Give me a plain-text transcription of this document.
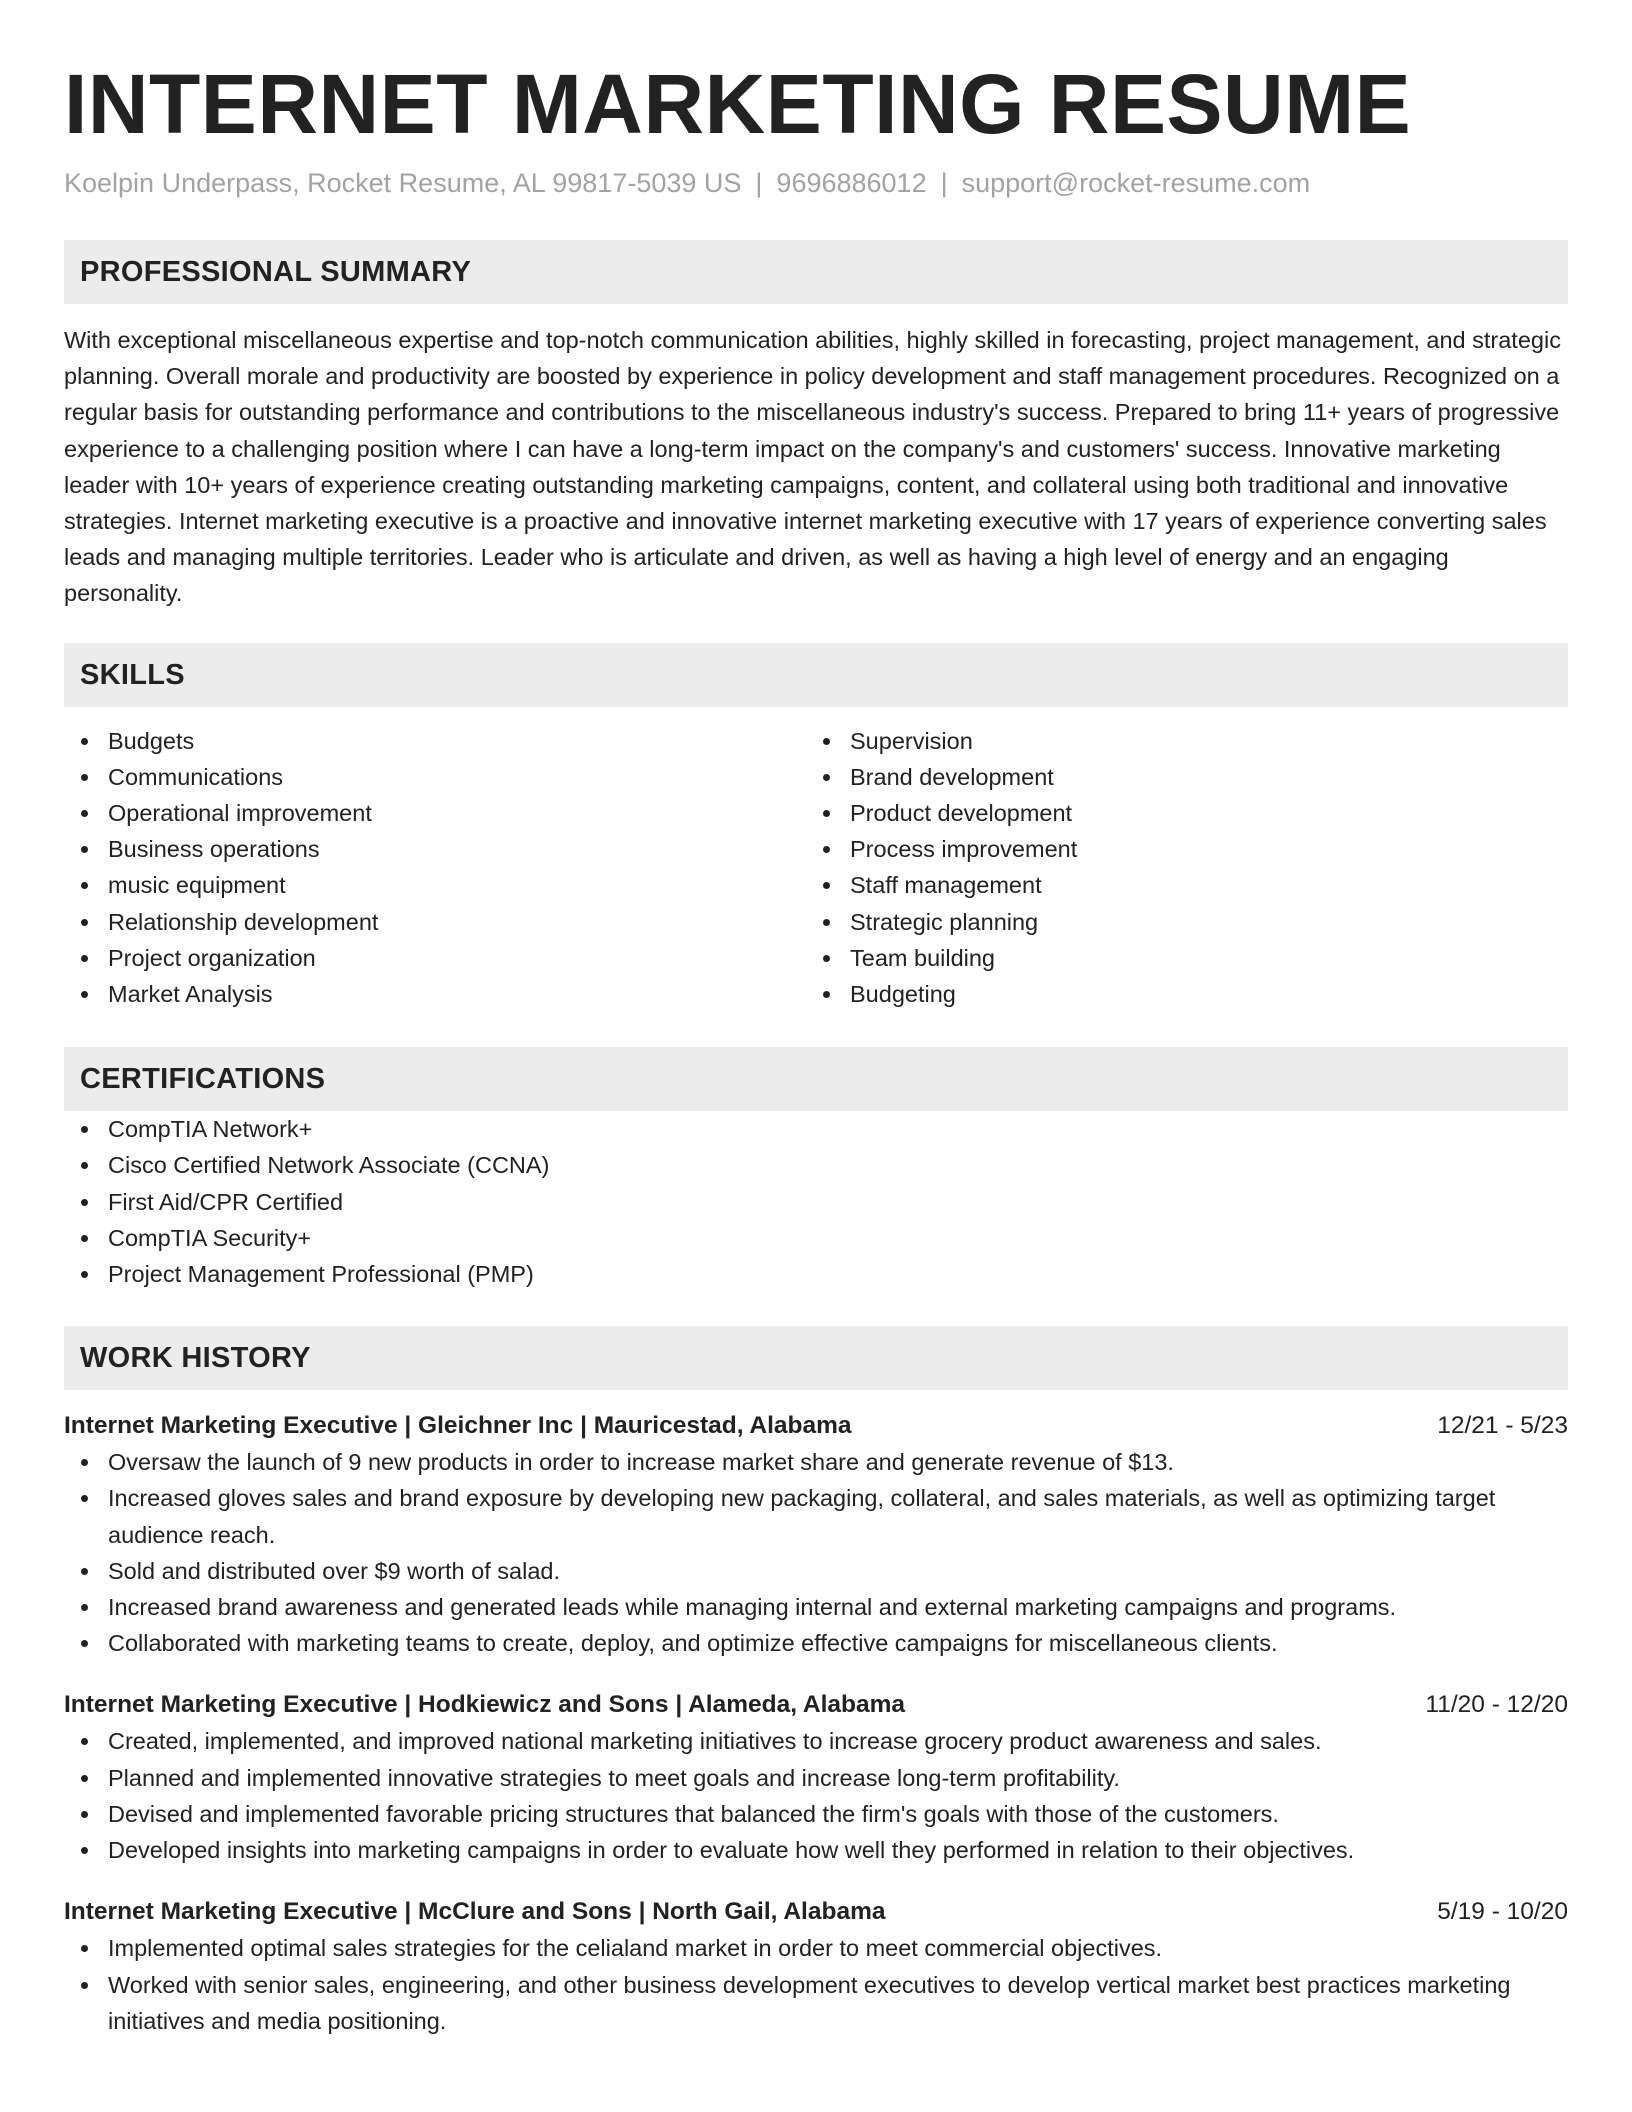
INTERNET MARKETING RESUME
Koelpin Underpass, Rocket Resume, AL 99817-5039 US | 9696886012 | support@rocket-resume.com
PROFESSIONAL SUMMARY

With exceptional miscellaneous expertise and top-notch communication abilities, highly skilled in forecasting, project management, and strategic planning. Overall morale and productivity are boosted by experience in policy development and staff management procedures. Recognized on a regular basis for outstanding performance and contributions to the miscellaneous industry's success. Prepared to bring 11+ years of progressive experience to a challenging position where I can have a long-term impact on the company's and customers' success. Innovative marketing leader with 10+ years of experience creating outstanding marketing campaigns, content, and collateral using both traditional and innovative strategies. Internet marketing executive is a proactive and innovative internet marketing executive with 17 years of experience converting sales leads and managing multiple territories. Leader who is articulate and driven, as well as having a high level of energy and an engaging personality.

SKILLS
Budgets
Communications
Operational improvement
Business operations
music equipment
Relationship development
Project organization
Market Analysis
Supervision
Brand development
Product development
Process improvement
Staff management
Strategic planning
Team building
Budgeting
CERTIFICATIONS
CompTIA Network+
Cisco Certified Network Associate (CCNA)
First Aid/CPR Certified
CompTIA Security+
Project Management Professional (PMP)
WORK HISTORY
Internet Marketing Executive | Gleichner Inc | Mauricestad, Alabama	12/21 - 5/23
Oversaw the launch of 9 new products in order to increase market share and generate revenue of $13.
Increased gloves sales and brand exposure by developing new packaging, collateral, and sales materials, as well as optimizing target audience reach.
Sold and distributed over $9 worth of salad.
Increased brand awareness and generated leads while managing internal and external marketing campaigns and programs.
Collaborated with marketing teams to create, deploy, and optimize effective campaigns for miscellaneous clients.
Internet Marketing Executive | Hodkiewicz and Sons | Alameda, Alabama	11/20 - 12/20
Created, implemented, and improved national marketing initiatives to increase grocery product awareness and sales.
Planned and implemented innovative strategies to meet goals and increase long-term profitability.
Devised and implemented favorable pricing structures that balanced the firm's goals with those of the customers.
Developed insights into marketing campaigns in order to evaluate how well they performed in relation to their objectives.
Internet Marketing Executive | McClure and Sons | North Gail, Alabama	5/19 - 10/20
Implemented optimal sales strategies for the celialand market in order to meet commercial objectives.
Worked with senior sales, engineering, and other business development executives to develop vertical market best practices marketing initiatives and media positioning.
